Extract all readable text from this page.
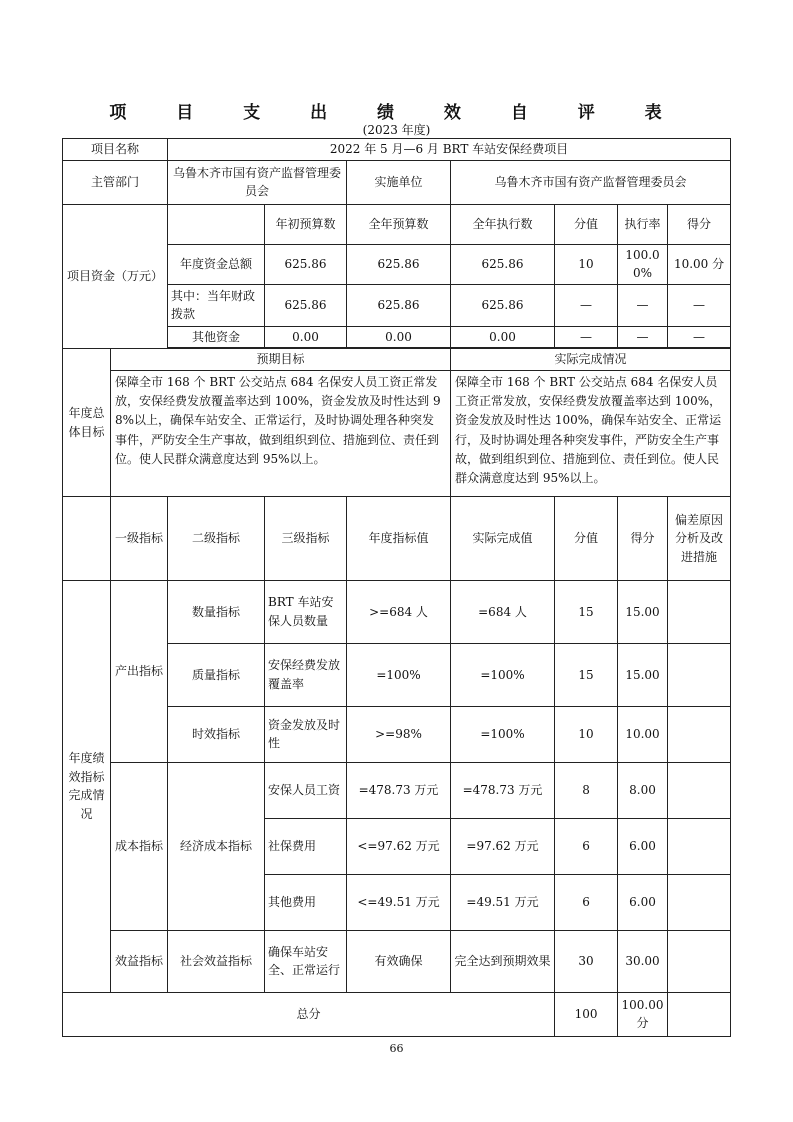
项 目 支 出 绩 效 自 评 表
(2023 年度)
项目名称		2022 年 5 月—6 月 BRT 车站安保经费项目						
主管部门		乌鲁木齐市国有资产监督管理委员会		实施单位	乌鲁木齐市国有资产监督管理委员会			
项目资金（万元）			年初预算数	全年预算数	全年执行数	分值	执行率	得分
		年度资金总额	625.86	625.86	625.86	10	100.00%	10.00 分
		其中：当年财政拨款	625.86	625.86	625.86	—	—	—
		其他资金	0.00	0.00	0.00	—	—	—

年度总体目标	预期目标				实际完成情况			
	保障全市 168 个 BRT 公交站点 684 名保安人员工资正常发放，安保经费发放覆盖率达到 100%，资金发放及时性达到 98%以上，确保车站安全、正常运行，及时协调处理各种突发事件，严防安全生产事故，做到组织到位、措施到位、责任到位。使人民群众满意度达到 95%以上。				保障全市 168 个 BRT 公交站点 684 名保安人员工资正常发放，安保经费发放覆盖率达到 100%，资金发放及时性达 100%，确保车站安全、正常运行，及时协调处理各种突发事件，严防安全生产事故，做到组织到位、措施到位、责任到位。使人民群众满意度达到 95%以上。			
	一级指标	二级指标	三级指标	年度指标值	实际完成值	分值	得分	偏差原因分析及改进措施
年度绩效指标完成情况	产出指标	数量指标	BRT 车站安保人员数量	>=684 人	=684 人	15	15.00	
		质量指标	安保经费发放覆盖率	=100%	=100%	15	15.00	
		时效指标	资金发放及时性	>=98%	=100%	10	10.00	
	成本指标	经济成本指标	安保人员工资	=478.73 万元	=478.73 万元	8	8.00	
			社保费用	<=97.62 万元	=97.62 万元	6	6.00	
			其他费用	<=49.51 万元	=49.51 万元	6	6.00	
	效益指标	社会效益指标	确保车站安全、正常运行	有效确保	完全达到预期效果	30	30.00	
总分						100	100.00 分	
66
